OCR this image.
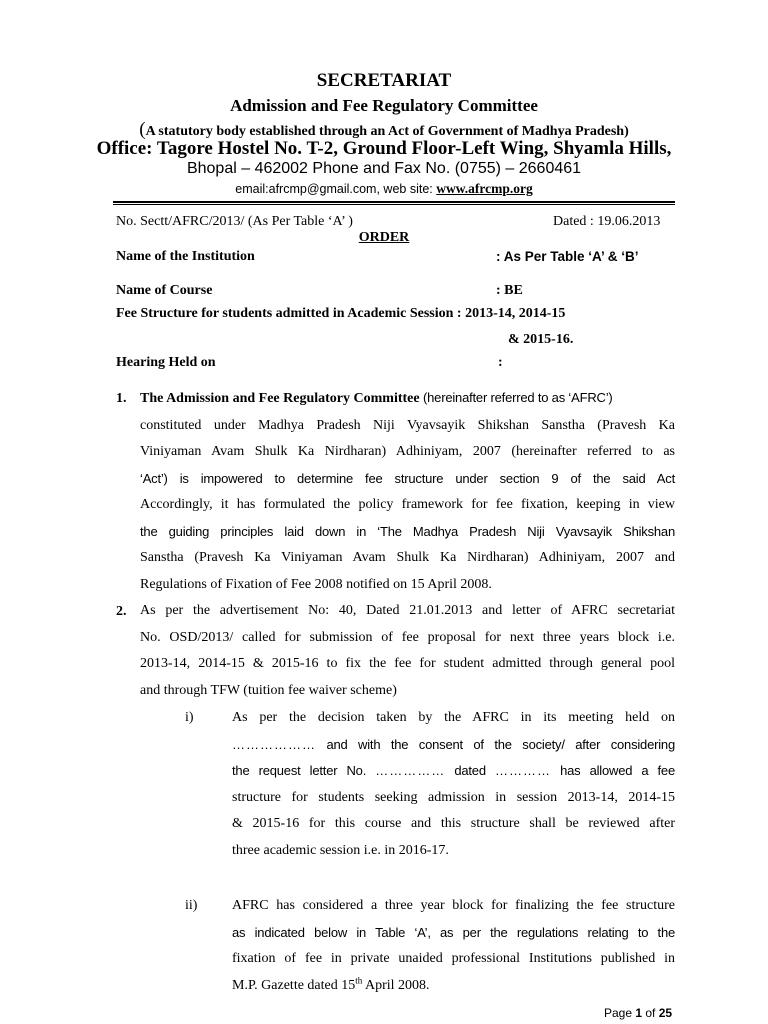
SECRETARIAT
Admission and Fee Regulatory Committee
(A statutory body established through an Act of Government of Madhya Pradesh)
Office: Tagore Hostel No. T-2, Ground Floor-Left Wing, Shyamla Hills,
Bhopal – 462002 Phone and Fax No. (0755) – 2660461
email:afrcmp@gmail.com, web site: www.afrcmp.org
No. Sectt/AFRC/2013/ (As Per Table ‘A’ )	Dated : 19.06.2013
ORDER
Name of the Institution	: As Per Table ‘A’ & ‘B’
Name of Course	: BE
Fee Structure for students admitted in Academic Session : 2013-14, 2014-15
& 2015-16.
Hearing Held on	:
1. The Admission and Fee Regulatory Committee (hereinafter referred to as ‘AFRC’)
constituted under Madhya Pradesh Niji Vyavsayik Shikshan Sanstha (Pravesh Ka
Viniyaman Avam Shulk Ka Nirdharan) Adhiniyam, 2007 (hereinafter referred to as
‘Act’) is impowered to determine fee structure under section 9 of the said Act
Accordingly, it has formulated the policy framework for fee fixation, keeping in view
the guiding principles laid down in ‘The Madhya Pradesh Niji Vyavsayik Shikshan
Sanstha (Pravesh Ka Viniyaman Avam Shulk Ka Nirdharan) Adhiniyam, 2007 and
Regulations of Fixation of Fee 2008 notified on 15 April 2008.
2. As per the advertisement No: 40, Dated 21.01.2013 and letter of AFRC secretariat
No. OSD/2013/ called for submission of fee proposal for next three years block i.e.
2013-14, 2014-15 & 2015-16 to fix the fee for student admitted through general pool
and through TFW (tuition fee waiver scheme)
i)	As per the decision taken by the AFRC in its meeting held on
……………… and with the consent of the society/ after considering
the request letter No. …………… dated ………… has allowed a fee
structure for students seeking admission in session 2013-14, 2014-15
& 2015-16 for this course and this structure shall be reviewed after
three academic session i.e. in 2016-17.
ii) AFRC has considered a three year block for finalizing the fee structure
as indicated below in Table ‘A’, as per the regulations relating to the
fixation of fee in private unaided professional Institutions published in
M.P. Gazette dated 15th April 2008.
Page 1 of 25
